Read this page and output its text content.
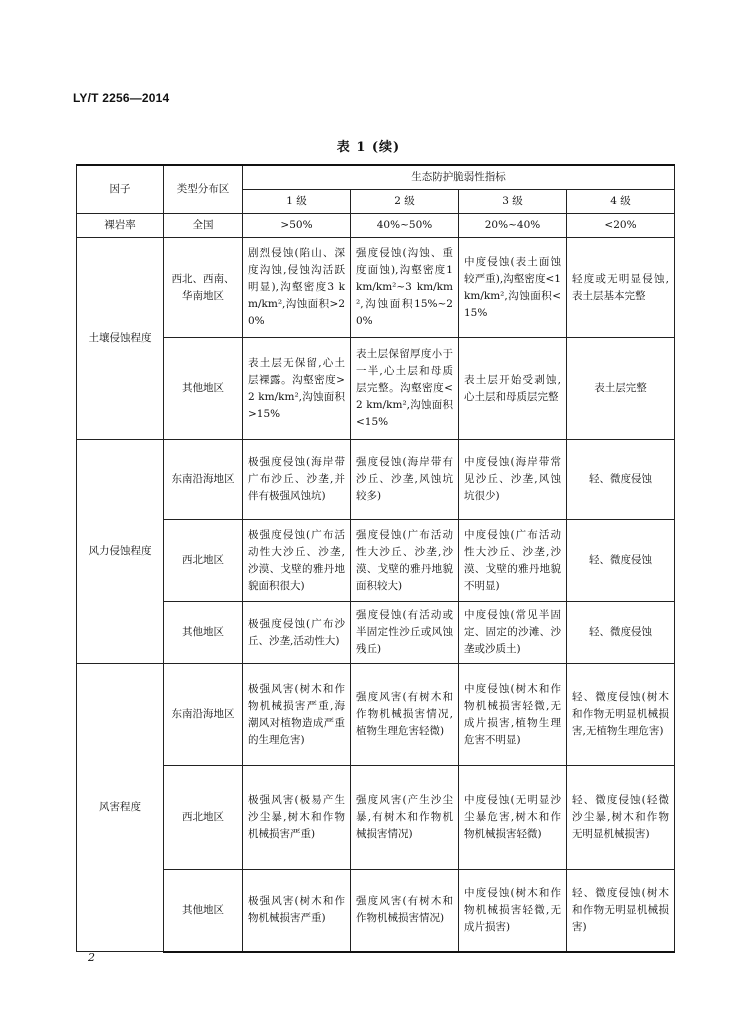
LY/T 2256—2014
表 1 (续)
因子	类型分布区	生态防护脆弱性指标			
		1 级	2 级	3 级	4 级
裸岩率	全国	>50%	40%~50%	20%~40%	<20%
土壤侵蚀程度	西北、西南、华南地区	剧烈侵蚀(陷山、深度沟蚀,侵蚀沟活跃明显),沟壑密度3 km/km²,沟蚀面积>20%	强度侵蚀(沟蚀、重度面蚀),沟壑密度1 km/km²~3 km/km²,沟蚀面积15%~20%	中度侵蚀(表土面蚀较严重),沟壑密度<1 km/km²,沟蚀面积<15%	轻度或无明显侵蚀,表土层基本完整
	其他地区	表土层无保留,心土层裸露。沟壑密度>2 km/km²,沟蚀面积>15%	表土层保留厚度小于一半,心土层和母质层完整。沟壑密度<2 km/km²,沟蚀面积<15%	表土层开始受剥蚀,心土层和母质层完整	表土层完整
风力侵蚀程度	东南沿海地区	极强度侵蚀(海岸带广布沙丘、沙垄,并伴有极强风蚀坑)	强度侵蚀(海岸带有沙丘、沙垄,风蚀坑较多)	中度侵蚀(海岸带常见沙丘、沙垄,风蚀坑很少)	轻、微度侵蚀
	西北地区	极强度侵蚀(广布活动性大沙丘、沙垄,沙漠、戈壁的雅丹地貌面积很大)	强度侵蚀(广布活动性大沙丘、沙垄,沙漠、戈壁的雅丹地貌面积较大)	中度侵蚀(广布活动性大沙丘、沙垄,沙漠、戈壁的雅丹地貌不明显)	轻、微度侵蚀
	其他地区	极强度侵蚀(广布沙丘、沙垄,活动性大)	强度侵蚀(有活动或半固定性沙丘或风蚀残丘)	中度侵蚀(常见半固定、固定的沙滩、沙垄或沙质土)	轻、微度侵蚀
风害程度	东南沿海地区	极强风害(树木和作物机械损害严重,海潮风对植物造成严重的生理危害)	强度风害(有树木和作物机械损害情况,植物生理危害轻微)	中度侵蚀(树木和作物机械损害轻微,无成片损害,植物生理危害不明显)	轻、微度侵蚀(树木和作物无明显机械损害,无植物生理危害)
	西北地区	极强风害(极易产生沙尘暴,树木和作物机械损害严重)	强度风害(产生沙尘暴,有树木和作物机械损害情况)	中度侵蚀(无明显沙尘暴危害,树木和作物机械损害轻微)	轻、微度侵蚀(轻微沙尘暴,树木和作物无明显机械损害)
	其他地区	极强风害(树木和作物机械损害严重)	强度风害(有树木和作物机械损害情况)	中度侵蚀(树木和作物机械损害轻微,无成片损害)	轻、微度侵蚀(树木和作物无明显机械损害)
2
